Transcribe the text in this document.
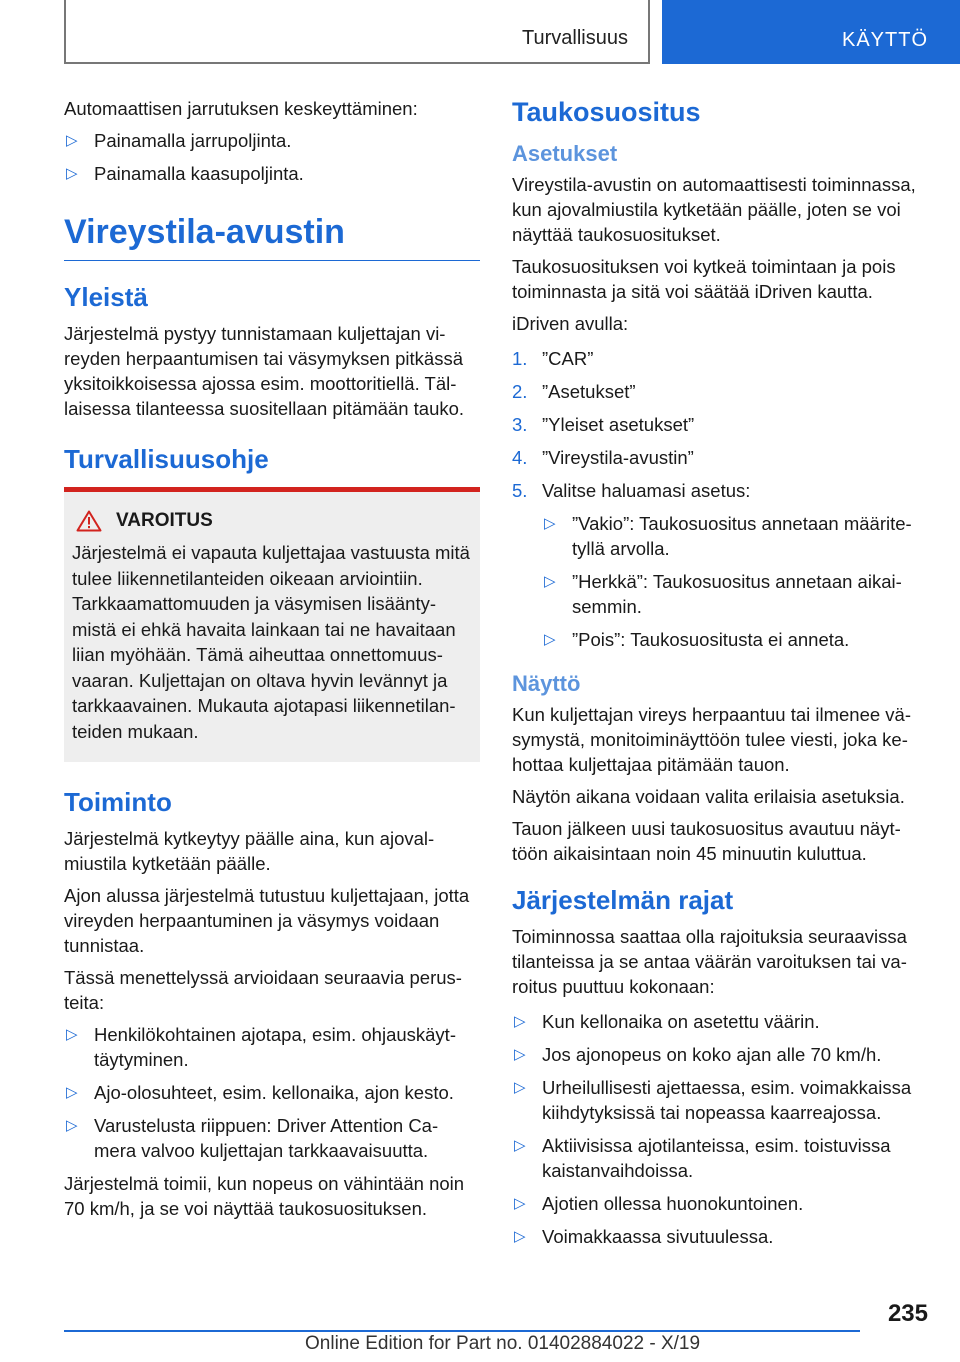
Turvallisuus	KÄYTTÖ

Automaattisen jarrutuksen keskeyttäminen:

▷ Painamalla jarrupoljinta.
▷ Painamalla kaasupoljinta.
Vireystila-avustin
Yleistä

Järjestelmä pystyy tunnistamaan kuljettajan vi-reyden herpaantumisen tai väsymyksen pitkässä yksitoikkoisessa ajossa esim. moottoritiellä. Täl-laisessa tilanteessa suositellaan pitämään tauko.

Turvallisuusohje
VAROITUS

Järjestelmä ei vapauta kuljettajaa vastuusta mitä tulee liikennetilanteiden oikeaan arviointiin. Tarkkaamattomuuden ja väsymisen lisäänty-mistä ei ehkä havaita lainkaan tai ne havaitaan liian myöhään. Tämä aiheuttaa onnettomuus-vaaran. Kuljettajan on oltava hyvin levännyt ja tarkkaavainen. Mukauta ajotapasi liikennetilan-teiden mukaan.

Toiminto

Järjestelmä kytkeytyy päälle aina, kun ajoval-miustila kytketään päälle.

Ajon alussa järjestelmä tutustuu kuljettajaan, jotta vireyden herpaantuminen ja väsymys voidaan tunnistaa.

Tässä menettelyssä arvioidaan seuraavia perus-teita:

▷ Henkilökohtainen ajotapa, esim. ohjauskäyt-täytyminen.
▷ Ajo-olosuhteet, esim. kellonaika, ajon kesto.
▷ Varustelusta riippuen: Driver Attention Ca-mera valvoo kuljettajan tarkkaavaisuutta.

Järjestelmä toimii, kun nopeus on vähintään noin 70 km/h, ja se voi näyttää taukosuosituksen.

Taukosuositus
Asetukset

Vireystila-avustin on automaattisesti toiminnassa, kun ajovalmiustila kytketään päälle, joten se voi näyttää taukosuositukset.

Taukosuosituksen voi kytkeä toimintaan ja pois toiminnasta ja sitä voi säätää iDriven kautta.

iDriven avulla:

1. ”CAR”
2. ”Asetukset”
3. ”Yleiset asetukset”
4. ”Vireystila-avustin”
5. Valitse haluamasi asetus:
▷ ”Vakio”: Taukosuositus annetaan määrite-tyllä arvolla.
▷ ”Herkkä”: Taukosuositus annetaan aikai-semmin.
▷ ”Pois”: Taukosuositusta ei anneta.
Näyttö

Kun kuljettajan vireys herpaantuu tai ilmenee vä-symystä, monitoiminäyttöön tulee viesti, joka ke-hottaa kuljettajaa pitämään tauon.

Näytön aikana voidaan valita erilaisia asetuksia.

Tauon jälkeen uusi taukosuositus avautuu näyt-töön aikaisintaan noin 45 minuutin kuluttua.

Järjestelmän rajat

Toiminnossa saattaa olla rajoituksia seuraavissa tilanteissa ja se antaa väärän varoituksen tai va-roitus puuttuu kokonaan:

▷ Kun kellonaika on asetettu väärin.
▷ Jos ajonopeus on koko ajan alle 70 km/h.
▷ Urheilullisesti ajettaessa, esim. voimakkaissa kiihdytyksissä tai nopeassa kaarreajossa.
▷ Aktiivisissa ajotilanteissa, esim. toistuvissa kaistanvaihdoissa.
▷ Ajotien ollessa huonokuntoinen.
▷ Voimakkaassa sivutuulessa.
235
Online Edition for Part no. 01402884022 - X/19
